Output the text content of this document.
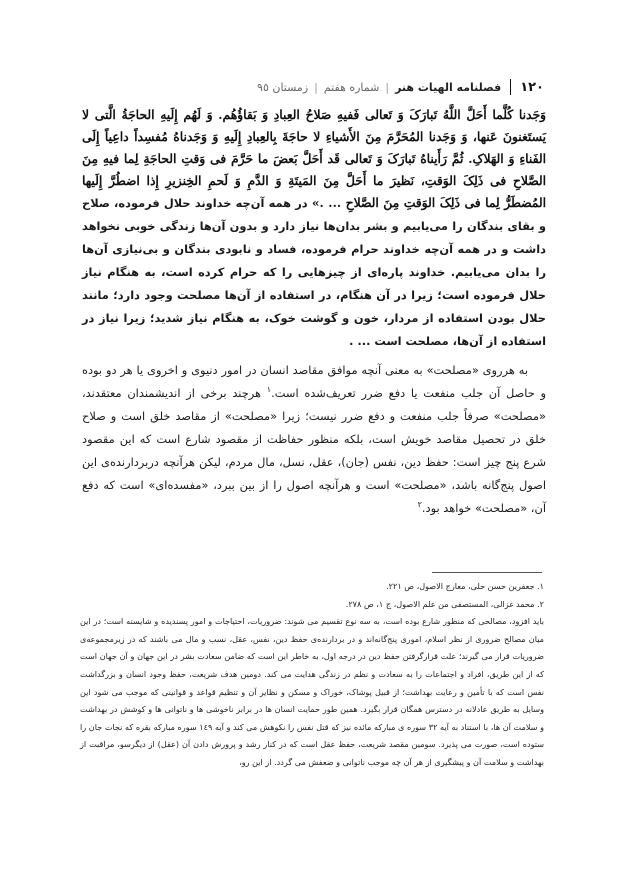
١٢٠
فصلنامه الهیات هنر
|
شماره هفتم
|
زمستان ٩٥

وَجَدنا کُلَّما أَحَلَّ اللَّهُ تَبارَکَ وَ تَعالی فَفیهِ صَلاحُ العِبادِ وَ بَقاؤُهُم. وَ لَهُم إِلَیهِ الحاجَةُ الَّتی لا یَستَغنونَ عَنها، وَ وَجَدنا المُحَرَّمَ مِنَ الأَشیاءِ لا حاجَةَ بِالعِبادِ إِلَیهِ وَ وَجَدناهُ مُفسِداً داعِیاً إِلَی الفَناءِ وَ الهَلاکِ. ثُمَّ رَأَیناهُ تَبارَکَ وَ تَعالی قَد أَحَلَّ بَعضَ ما حَرَّمَ فی وَقتِ الحاجَةِ لِما فیهِ مِنَ الصَّلاحِ فی ذَلِکَ الوَقتِ، نَظیرَ ما أَحَلَّ مِنَ المَیتَةِ وَ الدَّمِ وَ لَحمِ الخِنزیرِ إِذا اضطُرَّ إِلَیها المُضطَرُّ لِما فی ذَلِکَ الوَقتِ مِنَ الصَّلاحِ ... .» در همه آن‌چه خداوند حلال فرموده، صلاح و بقای بندگان را می‌یابیم و بشر بدان‌ها نیاز دارد و بدون آن‌ها زندگی خوبی نخواهد داشت و در همه آن‌چه خداوند حرام فرموده، فساد و نابودی بندگان و بی‌نیازی آن‌ها را بدان می‌یابیم. خداوند پاره‌ای از چیزهایی را که حرام کرده است، به هنگام نیاز حلال فرموده است؛ زیرا در آن هنگام، در استفاده از آن‌ها مصلحت وجود دارد؛ مانند حلال بودن استفاده از مردار، خون و گوشت خوک، به هنگام نیاز شدید؛ زیرا نیاز در استفاده از آن‌ها، مصلحت است ... .

به هرروی «مصلحت» به معنی آنچه موافق مقاصد انسان در امور دنیوی و اخروی یا هر دو بوده و حاصل آن جلب منفعت یا دفع ضرر تعریف‌شده است.$^١$ هرچند برخی از اندیشمندان معتقدند، «مصلحت» صرفاً جلب منفعت و دفع ضرر نیست؛ زیرا «مصلحت» از مقاصد خلق است و صلاح خلق در تحصیل مقاصد خویش است، بلکه منظور حفاظت از مقصود شارع است که این مقصود شرع پنج چیز است: حفظ دین، نفس (جان)، عقل، نسل، مال مردم، لیکن هرآنچه دربردارنده‌ی این اصول پنج‌گانه باشد، «مصلحت» است و هرآنچه اصول را از بین ببرد، «مفسده‌ای» است که دفع آن، «مصلحت» خواهد بود.$^٢$

١. جعفرین حسن حلی، معارج الاصول، ص ٢٢١.

٢. محمد غزالی، المستصفی من علم الاصول، ج ١، ص ٢٧٨.

باید افزود، مصالحی که منظور شارع بوده است، به سه نوع تقسیم می شوند: ضروریات، احتیاجات و امور پسندیده و شایسته است؛ در این میان مصالح ضروری از نظر اسلام، اموری پنج‌گانه‌اند و در بردارنده‌ی حفظ دین، نفس، عقل، نسب و مال می باشند که در زیرمجموعه‌ی ضروریات قرار می گیرند؛ علت قرارگرفتن حفظ دین در درجه اول، به خاطر این است که ضامن سعادت بشر در این جهان و آن جهان است که از این طریق، افراد و اجتماعات را به سعادت و نظم در زندگی هدایت می کند. دومین هدف شریعت، حفظ وجود انسان و بزرگداشت نفس است که با تأمین و رعایت بهداشت؛ از قبیل پوشاک، خوراک و مسکن و نظایر آن و تنظیم قواعد و قوانینی که موجب می شود این وسایل به طریق عادلانه در دسترس همگان قرار بگیرد. همین طور حمایت انسان ها در برابر ناخوشی ها و ناتوانی ها و کوشش در بهداشت و سلامت آن ها، با استناد به آیه ٣٢ سوره ی مبارکه مائده نیز که قتل نفس را نکوهش می کند و آیه ١٤٩ سوره مبارکه بقره که نجات جان را ستوده است، صورت می پذیرد. سومین مقصد شریعت، حفظ عقل است که در کنار رشد و پرورش دادن آن (عقل) از دیگرسو، مراقبت از بهداشت و سلامت آن و پیشگیری از هر آن چه موجب ناتوانی و ضعفش می گردد. از این رو،
